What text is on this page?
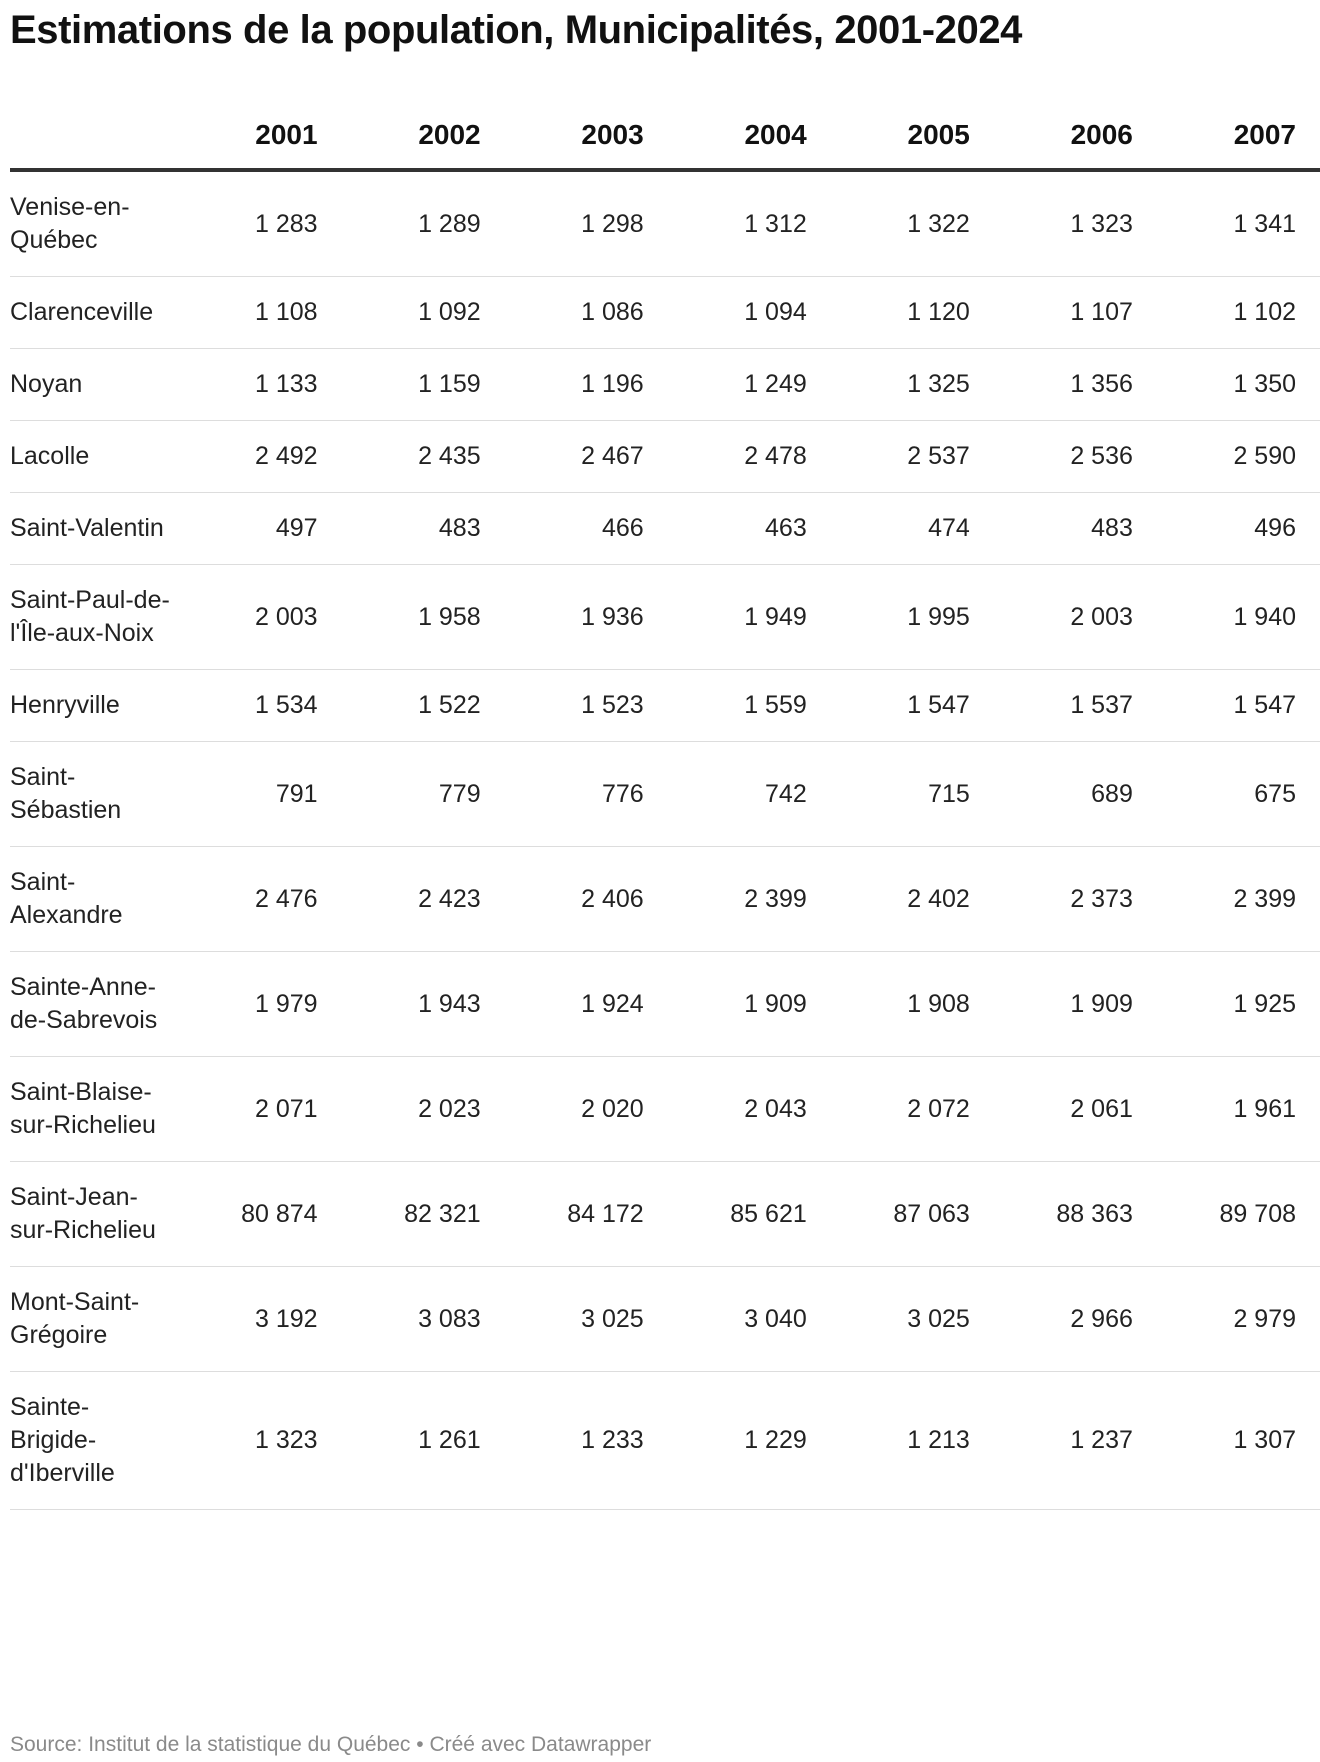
Estimations de la population, Municipalités, 2001-2024
	2001	2002	2003	2004	2005	2006	2007
Venise-en-Québec	1 283	1 289	1 298	1 312	1 322	1 323	1 341
Clarenceville	1 108	1 092	1 086	1 094	1 120	1 107	1 102
Noyan	1 133	1 159	1 196	1 249	1 325	1 356	1 350
Lacolle	2 492	2 435	2 467	2 478	2 537	2 536	2 590
Saint-Valentin	497	483	466	463	474	483	496
Saint-Paul-de-l'Île-aux-Noix	2 003	1 958	1 936	1 949	1 995	2 003	1 940
Henryville	1 534	1 522	1 523	1 559	1 547	1 537	1 547
Saint-Sébastien	791	779	776	742	715	689	675
Saint-Alexandre	2 476	2 423	2 406	2 399	2 402	2 373	2 399
Sainte-Anne-de-Sabrevois	1 979	1 943	1 924	1 909	1 908	1 909	1 925
Saint-Blaise-sur-Richelieu	2 071	2 023	2 020	2 043	2 072	2 061	1 961
Saint-Jean-sur-Richelieu	80 874	82 321	84 172	85 621	87 063	88 363	89 708
Mont-Saint-Grégoire	3 192	3 083	3 025	3 040	3 025	2 966	2 979
Sainte-Brigide-d'Iberville	1 323	1 261	1 233	1 229	1 213	1 237	1 307
Source: Institut de la statistique du Québec • Créé avec Datawrapper
